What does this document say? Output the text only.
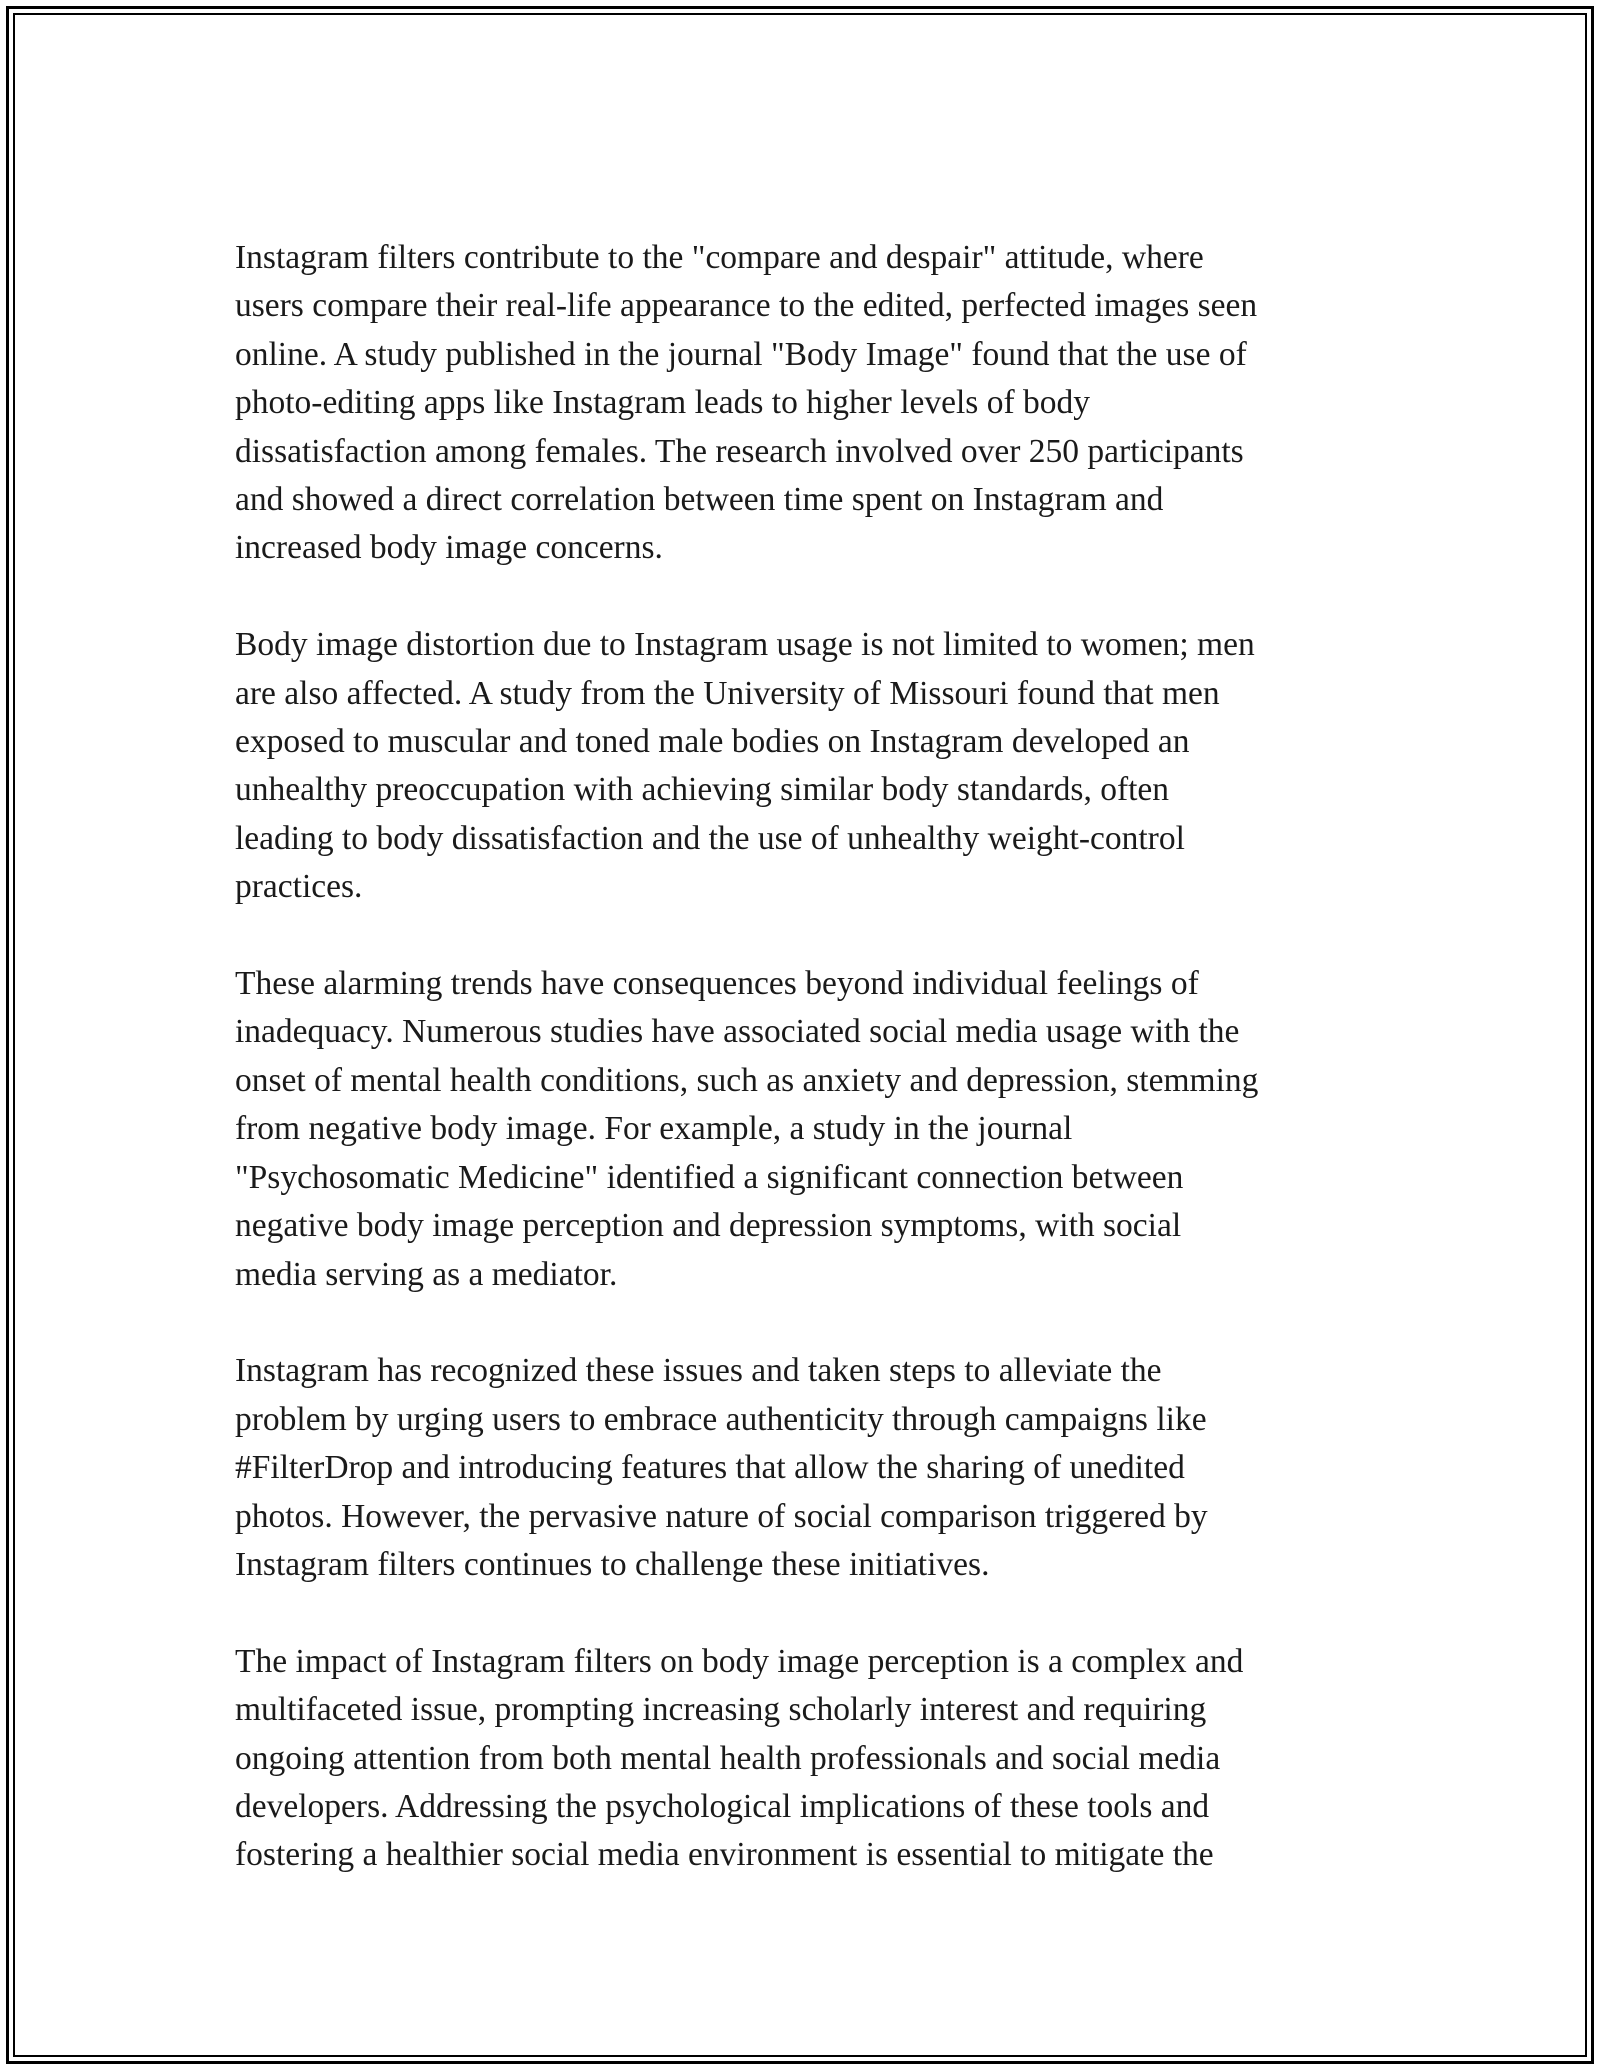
Instagram filters contribute to the "compare and despair" attitude, where
users compare their real-life appearance to the edited, perfected images seen
online. A study published in the journal "Body Image" found that the use of
photo-editing apps like Instagram leads to higher levels of body
dissatisfaction among females. The research involved over 250 participants
and showed a direct correlation between time spent on Instagram and
increased body image concerns.

Body image distortion due to Instagram usage is not limited to women; men
are also affected. A study from the University of Missouri found that men
exposed to muscular and toned male bodies on Instagram developed an
unhealthy preoccupation with achieving similar body standards, often
leading to body dissatisfaction and the use of unhealthy weight-control
practices.

These alarming trends have consequences beyond individual feelings of
inadequacy. Numerous studies have associated social media usage with the
onset of mental health conditions, such as anxiety and depression, stemming
from negative body image. For example, a study in the journal
"Psychosomatic Medicine" identified a significant connection between
negative body image perception and depression symptoms, with social
media serving as a mediator.

Instagram has recognized these issues and taken steps to alleviate the
problem by urging users to embrace authenticity through campaigns like
#FilterDrop and introducing features that allow the sharing of unedited
photos. However, the pervasive nature of social comparison triggered by
Instagram filters continues to challenge these initiatives.

The impact of Instagram filters on body image perception is a complex and
multifaceted issue, prompting increasing scholarly interest and requiring
ongoing attention from both mental health professionals and social media
developers. Addressing the psychological implications of these tools and
fostering a healthier social media environment is essential to mitigate the
